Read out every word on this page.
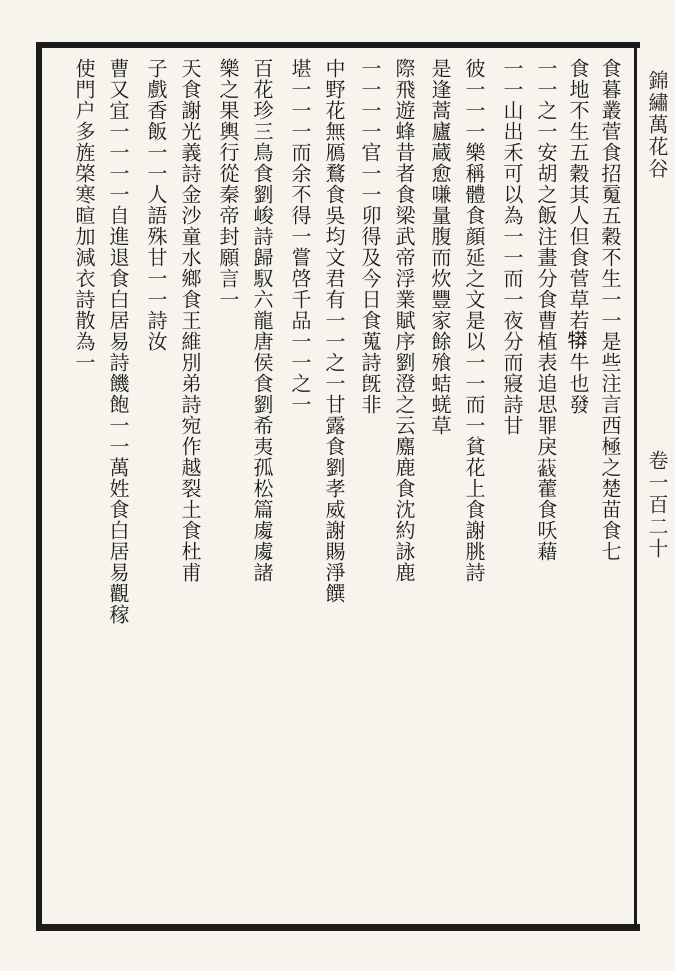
錦繡萬花谷
卷一百二十
食暮叢菅食招䰟五穀不生一一是些注言西極之楚苗食七
食地不生五穀其人但食菅草若𤛘牛也發
一一之一安胡之飯注畫分食曹植表追思罪戾𦿐藿食㕭藉
一一山出禾可以為一一而一夜分而寢詩甘
彼一一一樂稱體食顔延之文是以一一而一貧花上食謝朓詩
是逢蒿廬蔵愈嗛量腹而炊豐家餘飱蛣蜣草
際飛遊蜂昔者食梁武帝浮業賦序劉澄之云䴥鹿食沈約詠鹿
一一一一官一一卯得及今日食蒐詩旣非
中野花無鴈鶩食吳均文君有一一之一甘露食劉孝威謝賜淨饌
堪一一一而余不得一嘗啓千品一一之一
百花珍三鳥食劉峻詩歸馭六龍唐侯食劉希夷孤松篇䖏䖏諸
樂之果輿行從秦帝封願言一
天食謝光義詩金沙童水鄉食王維別弟詩宛作越裂土食杜甫
子戲香飯一一人語殊甘一一詩汝
曹又宜一一一一自進退食白居易詩饑飽一一萬姓食白居易觀稼
使門户多旌棨寒暄加減衣詩散為一
